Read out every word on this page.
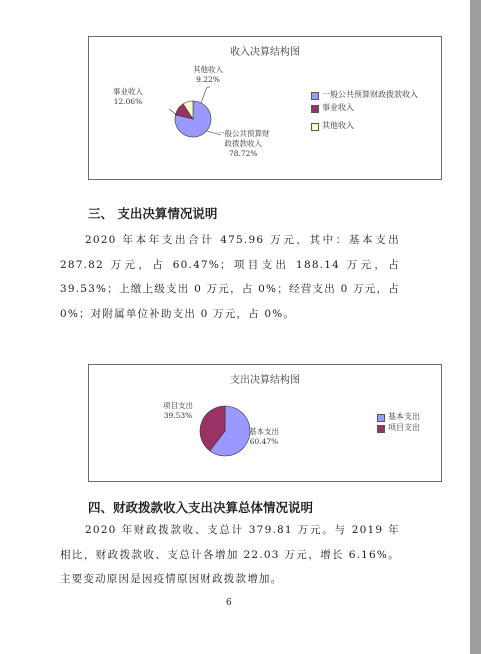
收入决算结构图
其他收入
9.22%
事业收入
12.06%
一般公共预算财
政拨款收入
78.72%
一般公共预算财政拨款收入
事业收入
其他收入
三、 支出决算情况说明

2020 年本年支出合计 475.96 万元，其中：基本支出 287.82 万元，占 60.47%；项目支出 188.14 万元，占 39.53%；上缴上级支出 0 万元，占 0%；经营支出 0 万元，占 0%；对附属单位补助支出 0 万元，占 0%。

支出决算结构图
项目支出
39.53%
基本支出
60.47%
基本支出
项目支出
四、财政拨款收入支出决算总体情况说明

2020 年财政拨款收、支总计 379.81 万元。与 2019 年相比，财政拨款收、支总计各增加 22.03 万元，增长 6.16%。主要变动原因是因疫情原因财政拨款增加。

6
